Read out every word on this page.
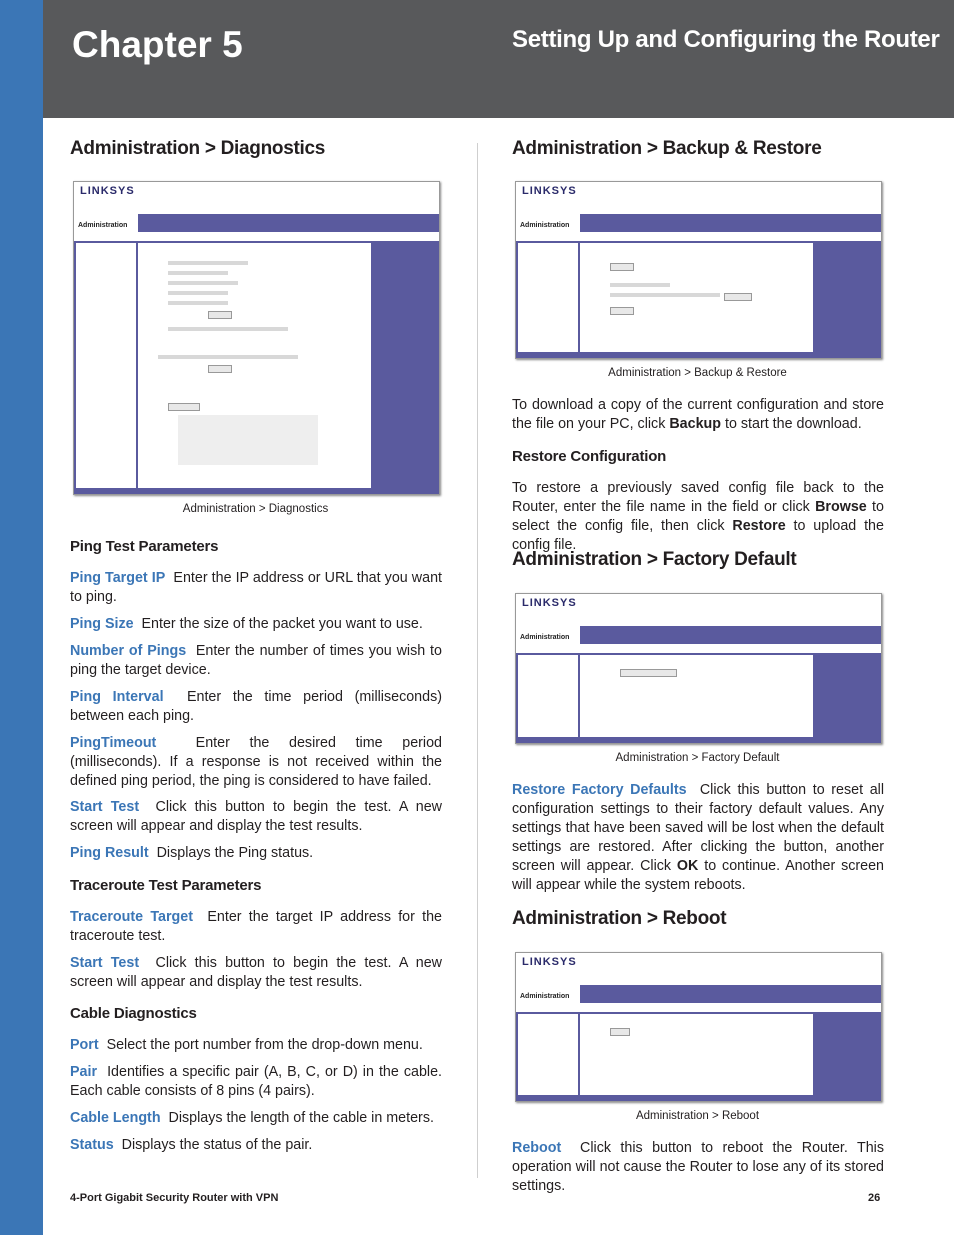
Chapter 5	Setting Up and Configuring the Router
Administration > Diagnostics
LINKSYS
Administration
Administration > Diagnostics
Ping Test Parameters

Ping Target IP Enter the IP address or URL that you want to ping.

Ping Size Enter the size of the packet you want to use.

Number of Pings Enter the number of times you wish to ping the target device.

Ping Interval Enter the time period (milliseconds) between each ping.

PingTimeout	Enter the desired time period (milliseconds). If a response is not received within the defined ping period, the ping is considered to have failed.

Start Test Click this button to begin the test. A new screen will appear and display the test results.

Ping Result Displays the Ping status.

Traceroute Test Parameters

Traceroute Target Enter the target IP address for the traceroute test.

Start Test Click this button to begin the test. A new screen will appear and display the test results.

Cable Diagnostics

Port Select the port number from the drop-down menu.

Pair Identifies a specific pair (A, B, C, or D) in the cable. Each cable consists of 8 pins (4 pairs).

Cable Length Displays the length of the cable in meters.

Status Displays the status of the pair.

Administration > Backup & Restore
LINKSYS
Administration
Administration > Backup & Restore

To download a copy of the current configuration and store the file on your PC, click Backup to start the download.

Restore Configuration

To restore a previously saved config file back to the Router, enter the file name in the field or click Browse to select the config file, then click Restore to upload the config file.

Administration > Factory Default
LINKSYS
Administration
Administration > Factory Default

Restore Factory Defaults Click this button to reset all configuration settings to their factory default values. Any settings that have been saved will be lost when the default settings are restored. After clicking the button, another screen will appear. Click OK to continue. Another screen will appear while the system reboots.

Administration > Reboot
LINKSYS
Administration
Administration > Reboot

Reboot Click this button to reboot the Router. This operation will not cause the Router to lose any of its stored settings.

4-Port Gigabit Security Router with VPN	26
